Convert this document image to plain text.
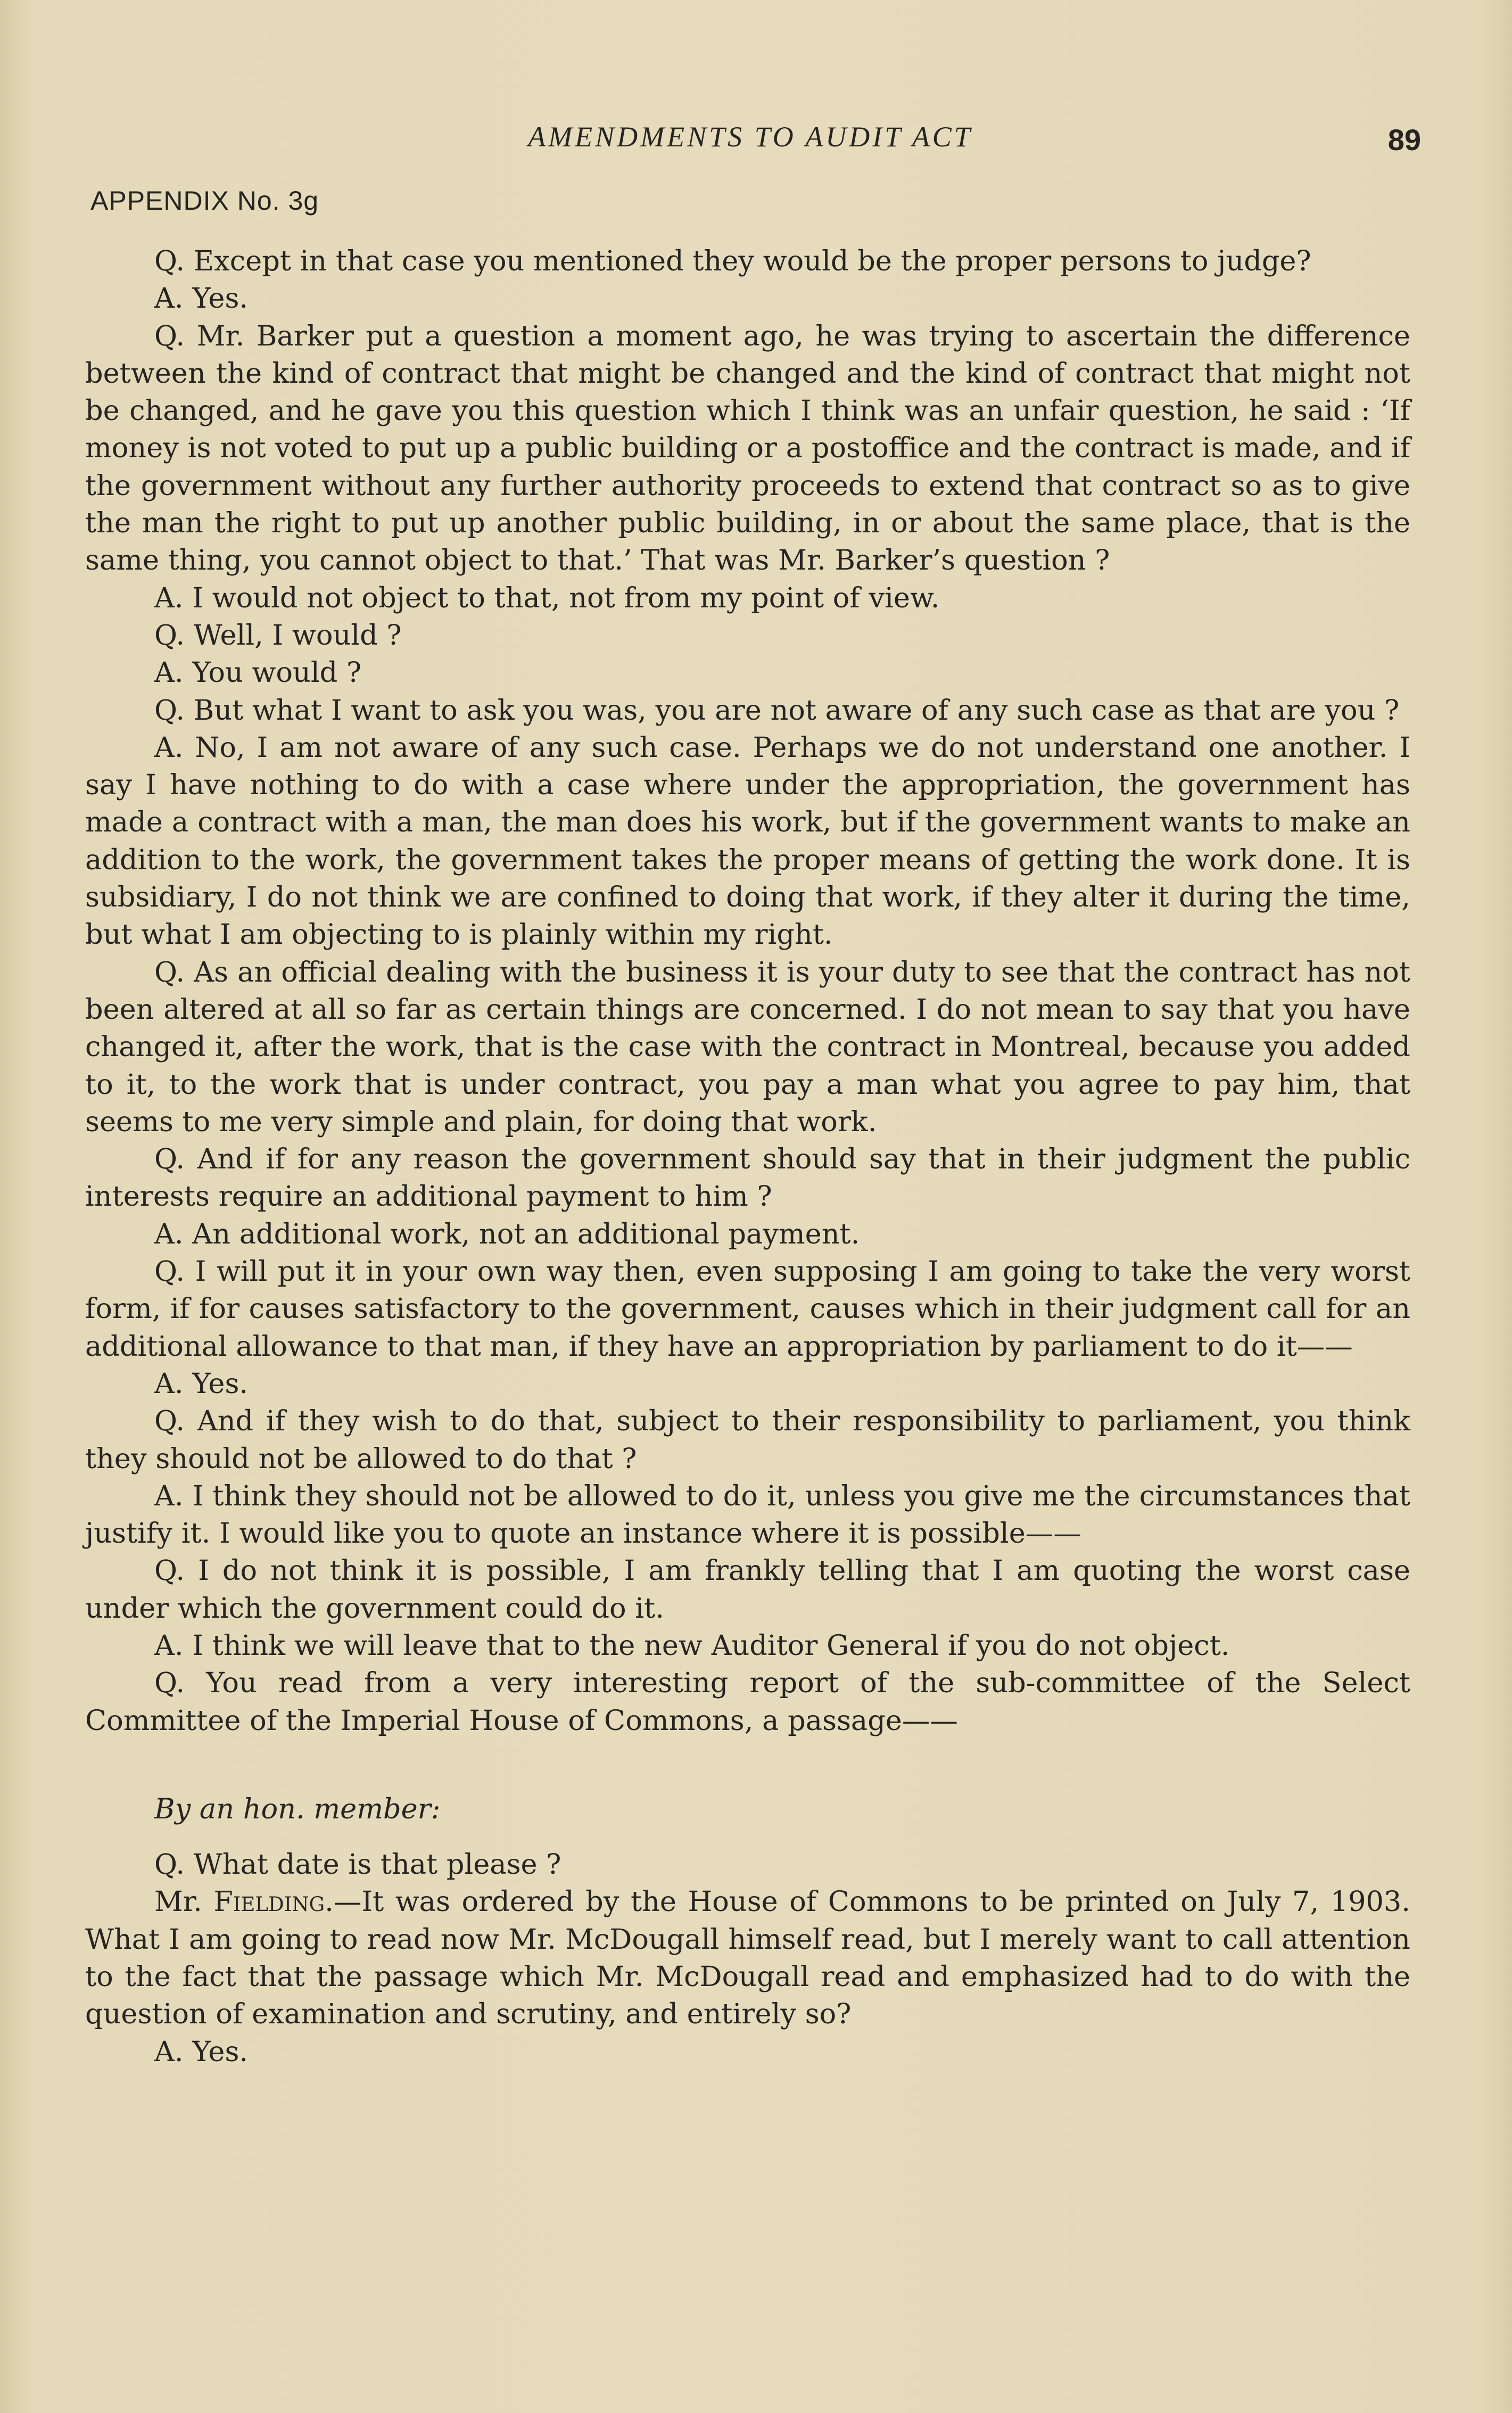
AMENDMENTS TO AUDIT ACT	89
APPENDIX No. 3g

Q. Except in that case you mentioned they would be the proper persons to judge?

A. Yes.

Q. Mr. Barker put a question a moment ago, he was trying to ascertain the difference between the kind of contract that might be changed and the kind of contract that might not be changed, and he gave you this question which I think was an unfair question, he said : ‘If money is not voted to put up a public building or a postoffice and the contract is made, and if the government without any further authority proceeds to extend that contract so as to give the man the right to put up another public building, in or about the same place, that is the same thing, you cannot object to that.’ That was Mr. Barker’s question ?

A. I would not object to that, not from my point of view.

Q. Well, I would ?

A. You would ?

Q. But what I want to ask you was, you are not aware of any such case as that are you ?

A. No, I am not aware of any such case. Perhaps we do not understand one another. I say I have nothing to do with a case where under the appropriation, the government has made a contract with a man, the man does his work, but if the government wants to make an addition to the work, the government takes the proper means of getting the work done. It is subsidiary, I do not think we are confined to doing that work, if they alter it during the time, but what I am objecting to is plainly within my right.

Q. As an official dealing with the business it is your duty to see that the contract has not been altered at all so far as certain things are concerned. I do not mean to say that you have changed it, after the work, that is the case with the contract in Montreal, because you added to it, to the work that is under contract, you pay a man what you agree to pay him, that seems to me very simple and plain, for doing that work.

Q. And if for any reason the government should say that in their judgment the public interests require an additional payment to him ?

A. An additional work, not an additional payment.

Q. I will put it in your own way then, even supposing I am going to take the very worst form, if for causes satisfactory to the government, causes which in their judgment call for an additional allowance to that man, if they have an appropriation by parliament to do it——

A. Yes.

Q. And if they wish to do that, subject to their responsibility to parliament, you think they should not be allowed to do that ?

A. I think they should not be allowed to do it, unless you give me the circumstances that justify it. I would like you to quote an instance where it is possible——

Q. I do not think it is possible, I am frankly telling that I am quoting the worst case under which the government could do it.

A. I think we will leave that to the new Auditor General if you do not object.

Q. You read from a very interesting report of the sub-committee of the Select Committee of the Imperial House of Commons, a passage——

By an hon. member:

Q. What date is that please ?

Mr. Fielding.—It was ordered by the House of Commons to be printed on July 7, 1903. What I am going to read now Mr. McDougall himself read, but I merely want to call attention to the fact that the passage which Mr. McDougall read and emphasized had to do with the question of examination and scrutiny, and entirely so?

A. Yes.
